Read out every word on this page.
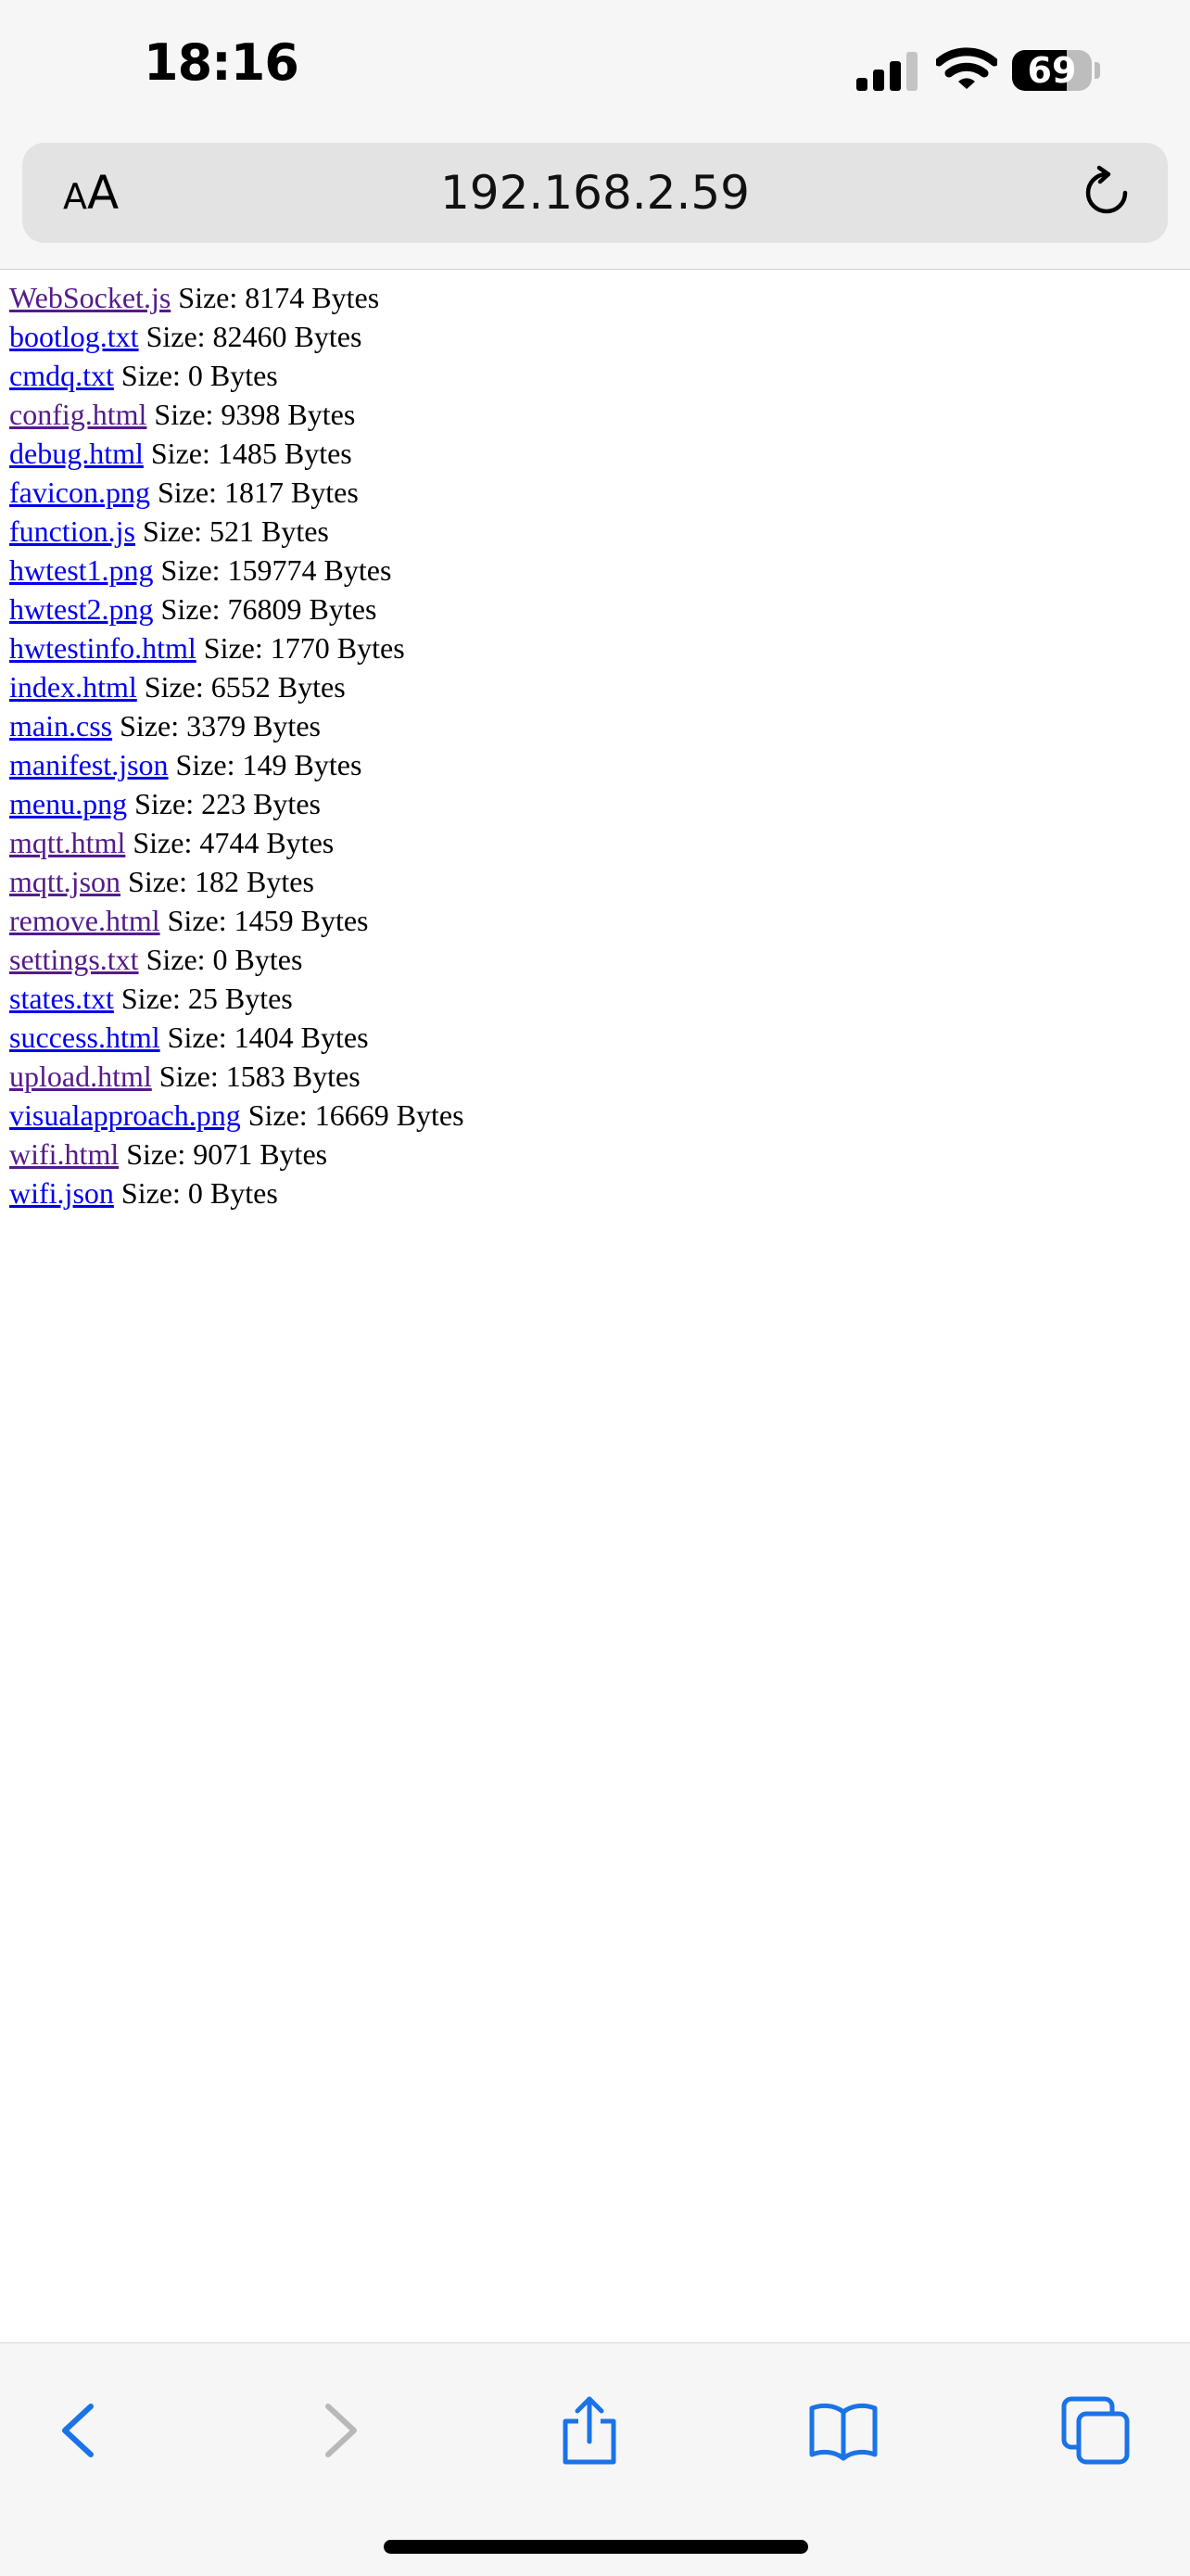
18:16	69
AA	192.168.2.59
WebSocket.js Size: 8174 Bytes
bootlog.txt Size: 82460 Bytes
cmdq.txt Size: 0 Bytes
config.html Size: 9398 Bytes
debug.html Size: 1485 Bytes
favicon.png Size: 1817 Bytes
function.js Size: 521 Bytes
hwtest1.png Size: 159774 Bytes
hwtest2.png Size: 76809 Bytes
hwtestinfo.html Size: 1770 Bytes
index.html Size: 6552 Bytes
main.css Size: 3379 Bytes
manifest.json Size: 149 Bytes
menu.png Size: 223 Bytes
mqtt.html Size: 4744 Bytes
mqtt.json Size: 182 Bytes
remove.html Size: 1459 Bytes
settings.txt Size: 0 Bytes
states.txt Size: 25 Bytes
success.html Size: 1404 Bytes
upload.html Size: 1583 Bytes
visualapproach.png Size: 16669 Bytes
wifi.html Size: 9071 Bytes
wifi.json Size: 0 Bytes
